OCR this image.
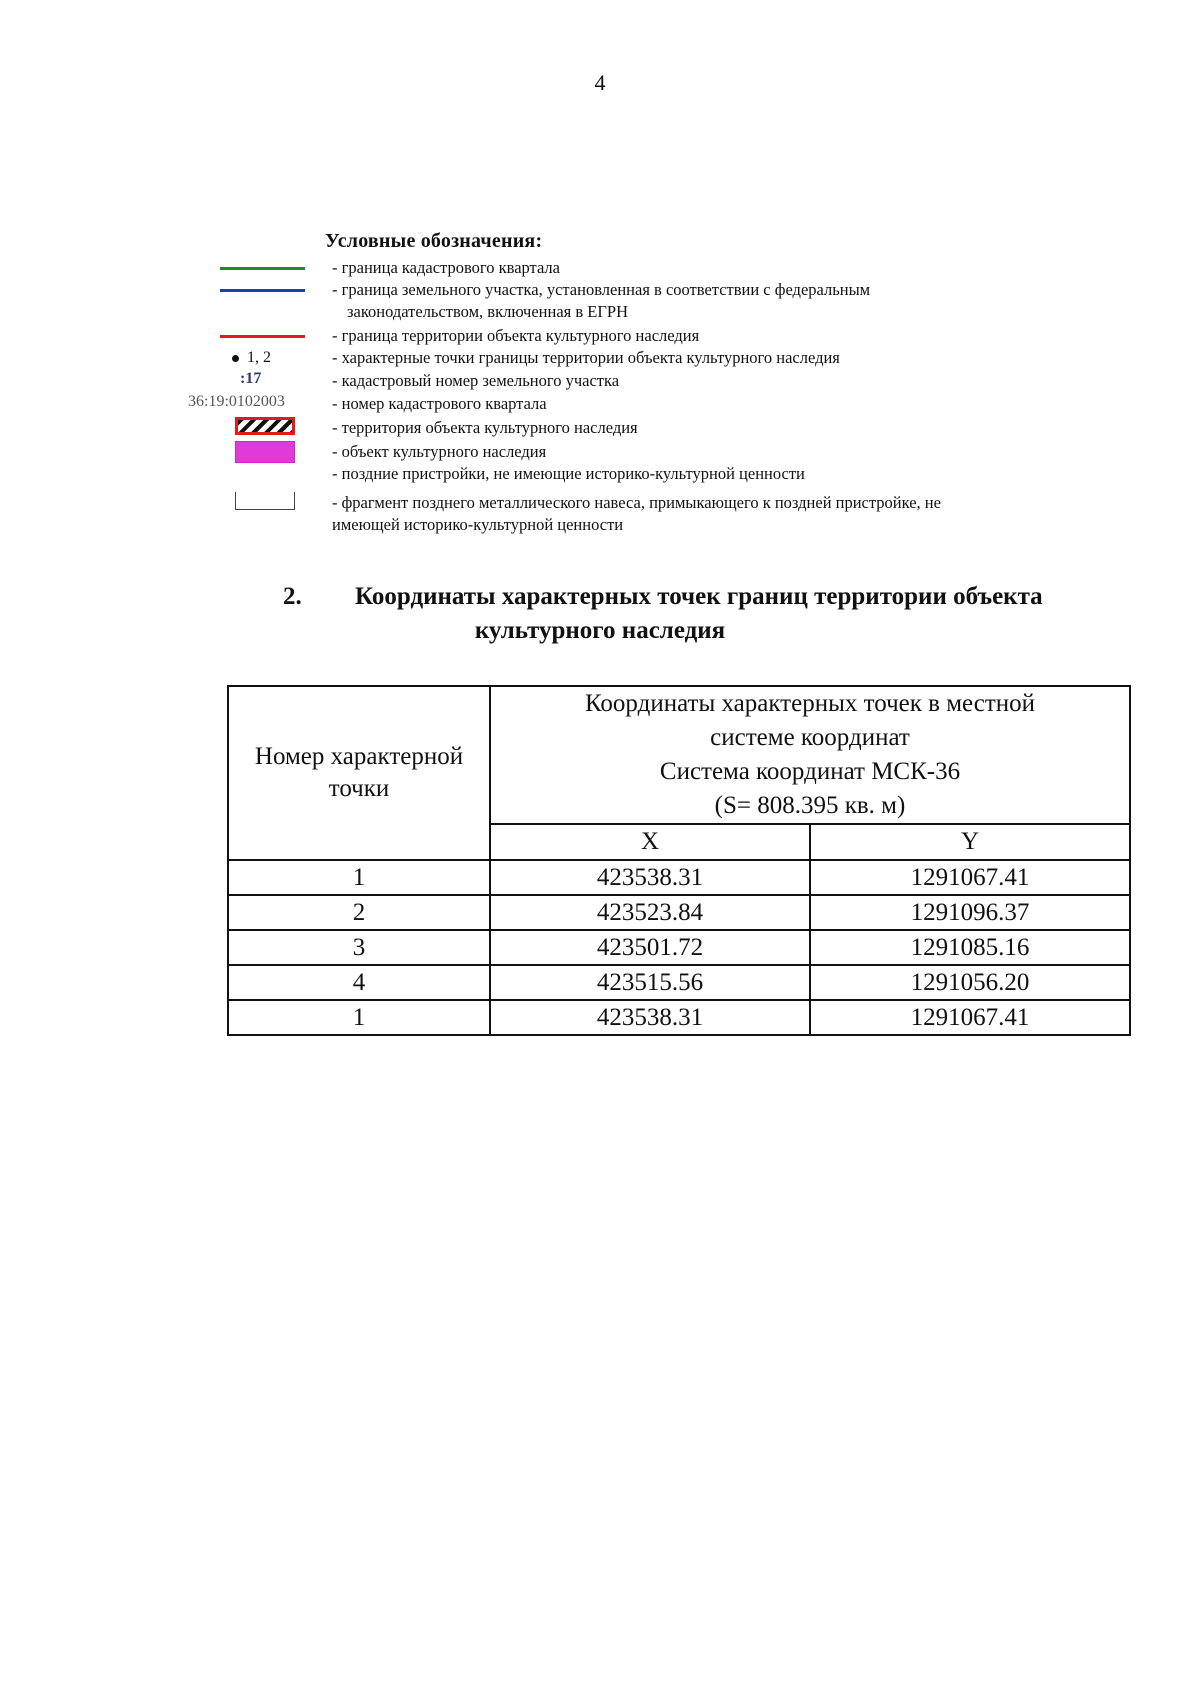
4
Условные обозначения:
- граница кадастрового квартала
- граница земельного участка, установленная в соответствии с федеральным
законодательством, включенная в ЕГРН
- граница территории объекта культурного наследия
1, 2	- характерные точки границы территории объекта культурного наследия
:17	- кадастровый номер земельного участка
36:19:0102003	- номер кадастрового квартала
- территория объекта культурного наследия
- объект культурного наследия
- поздние пристройки, не имеющие историко-культурной ценности
- фрагмент позднего металлического навеса, примыкающего к поздней пристройке, не
имеющей историко-культурной ценности
2. Координаты характерных точек границ территории объекта
культурного наследия
Номер характерной точки	Координаты характерных точек в местной
системе координат
Система координат МСК-36
(S= 808.395 кв. м)	

	X	Y
1	423538.31	1291067.41
2	423523.84	1291096.37
3	423501.72	1291085.16
4	423515.56	1291056.20
1	423538.31	1291067.41
